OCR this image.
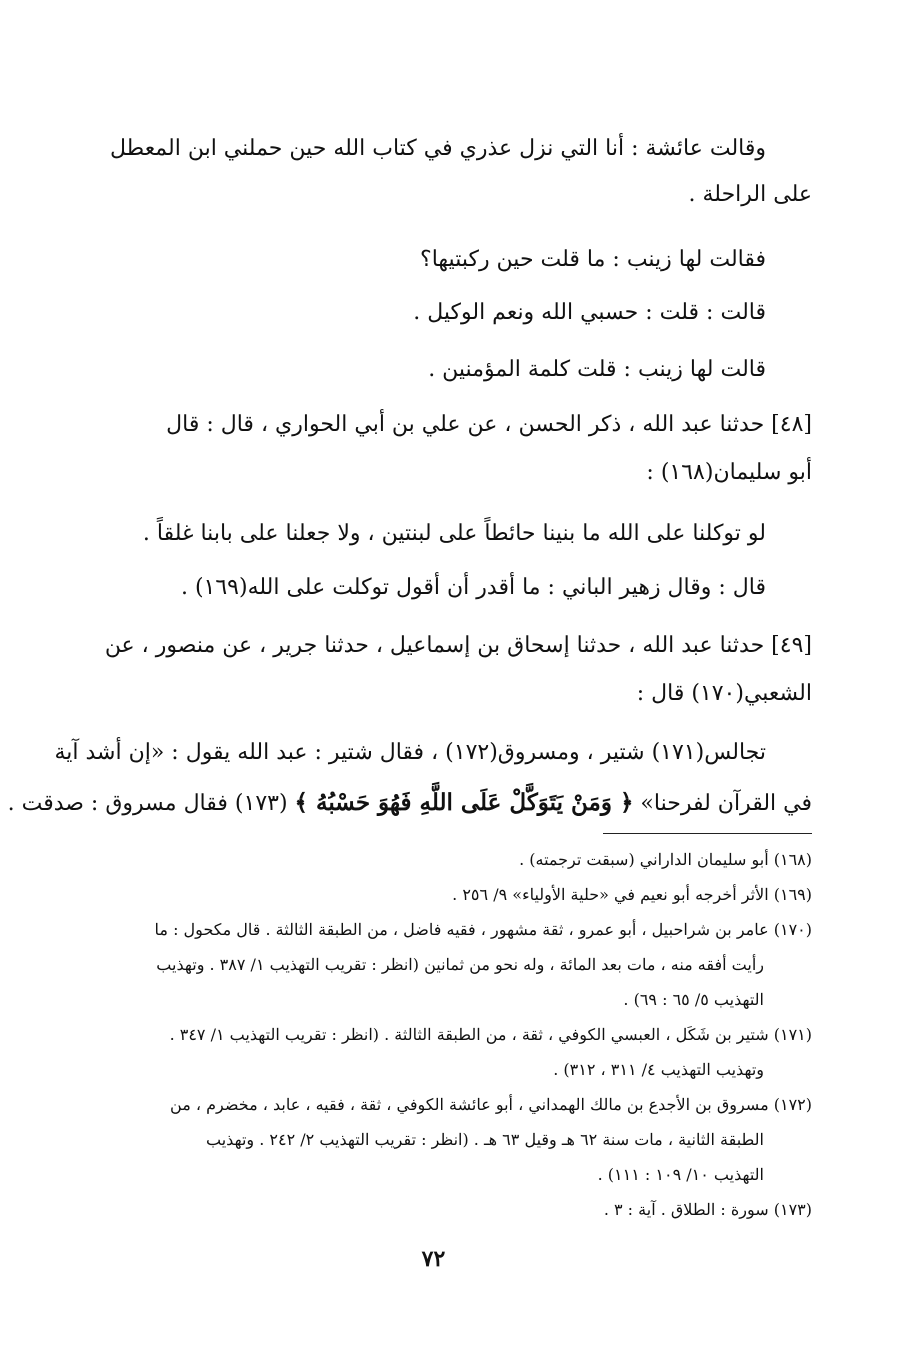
وقالت عائشة : أنا التي نزل عذري في كتاب الله حين حملني ابن المعطل
على الراحلة .
فقالت لها زينب : ما قلت حين ركبتيها؟
قالت : قلت : حسبي الله ونعم الوكيل .
قالت لها زينب : قلت كلمة المؤمنين .
[٤٨] حدثنا عبد الله ، ذكر الحسن ، عن علي بن أبي الحواري ، قال : قال
أبو سليمان(١٦٨) :
لو توكلنا على الله ما بنينا حائطاً على لبنتين ، ولا جعلنا على بابنا غلقاً .
قال : وقال زهير الباني : ما أقدر أن أقول توكلت على الله(١٦٩) .
[٤٩] حدثنا عبد الله ، حدثنا إسحاق بن إسماعيل ، حدثنا جرير ، عن منصور ، عن
الشعبي(١٧٠) قال :
تجالس(١٧١) شتير ، ومسروق(١٧٢) ، فقال شتير : عبد الله يقول : «إن أشد آية
في القرآن لفرحنا» ﴿ وَمَنْ يَتَوَكَّلْ عَلَى اللَّهِ فَهُوَ حَسْبُهُ ﴾ (١٧٣) فقال مسروق : صدقت .
(١٦٨) أبو سليمان الداراني (سبقت ترجمته) .
(١٦٩) الأثر أخرجه أبو نعيم في «حلية الأولياء» ٩/ ٢٥٦ .
(١٧٠) عامر بن شراحبيل ، أبو عمرو ، ثقة مشهور ، فقيه فاضل ، من الطبقة الثالثة . قال مكحول : ما
رأيت أفقه منه ، مات بعد المائة ، وله نحو من ثمانين (انظر : تقريب التهذيب ١/ ٣٨٧ . وتهذيب
التهذيب ٥/ ٦٥ : ٦٩) .
(١٧١) شتير بن شَكَل ، العبسي الكوفي ، ثقة ، من الطبقة الثالثة . (انظر : تقريب التهذيب ١/ ٣٤٧ .
وتهذيب التهذيب ٤/ ٣١١ ، ٣١٢) .
(١٧٢) مسروق بن الأجدع بن مالك الهمداني ، أبو عائشة الكوفي ، ثقة ، فقيه ، عابد ، مخضرم ، من
الطبقة الثانية ، مات سنة ٦٢ هـ وقيل ٦٣ هـ . (انظر : تقريب التهذيب ٢/ ٢٤٢ . وتهذيب
التهذيب ١٠/ ١٠٩ : ١١١) .
(١٧٣) سورة : الطلاق . آية : ٣ .
٧٢
